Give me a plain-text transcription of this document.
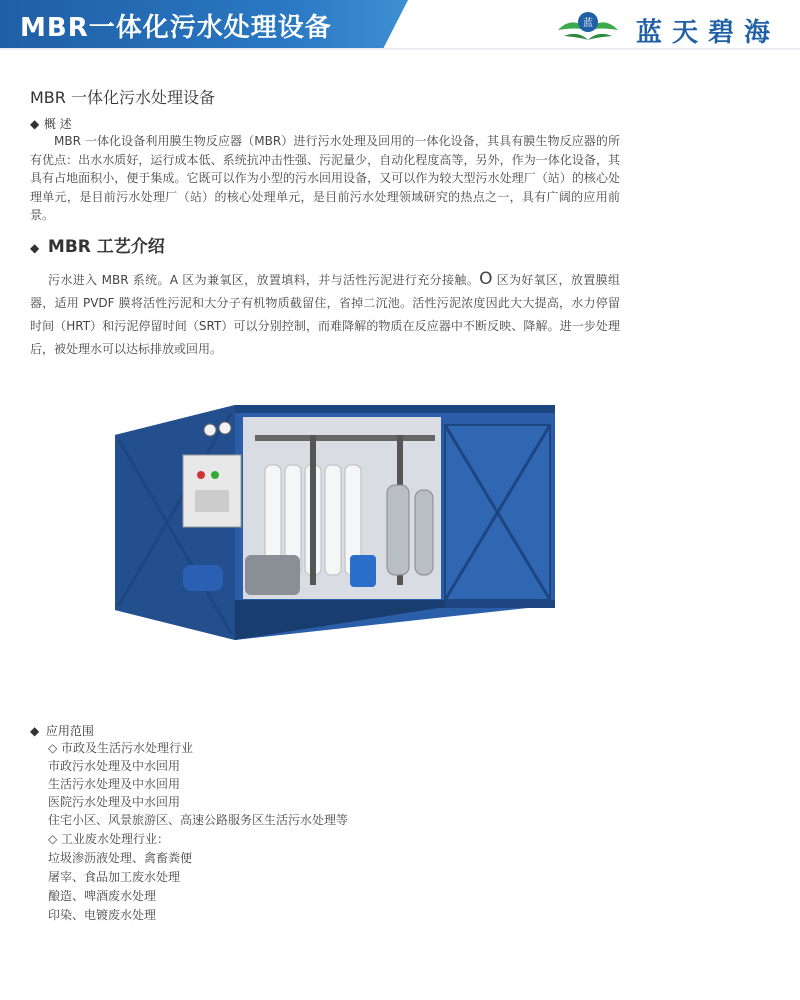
MBR一体化污水处理设备	蓝 蓝天碧海
MBR 一体化污水处理设备
◆ 概 述
MBR 一体化设备利用膜生物反应器（MBR）进行污水处理及回用的一体化设备，其具有膜生物反应器的所有优点：出水水质好，运行成本低、系统抗冲击性强、污泥量少，自动化程度高等，另外，作为一体化设备，其具有占地面积小，便于集成。它既可以作为小型的污水回用设备，又可以作为较大型污水处理厂（站）的核心处理单元，是目前污水处理厂（站）的核心处理单元，是目前污水处理领域研究的热点之一，具有广阔的应用前景。
◆ MBR 工艺介绍
污水进入 MBR 系统。A 区为兼氧区，放置填料，并与活性污泥进行充分接触。O 区为好氧区，放置膜组器，适用 PVDF 膜将活性污泥和大分子有机物质截留住，省掉二沉池。活性污泥浓度因此大大提高，水力停留时间（HRT）和污泥停留时间（SRT）可以分别控制，而难降解的物质在反应器中不断反映、降解。进一步处理后，被处理水可以达标排放或回用。
◆ 应用范围
◇ 市政及生活污水处理行业
市政污水处理及中水回用
生活污水处理及中水回用
医院污水处理及中水回用
住宅小区、风景旅游区、高速公路服务区生活污水处理等
◇ 工业废水处理行业：
垃圾渗沥液处理、禽畜粪便
屠宰、食品加工废水处理
酿造、啤酒废水处理
印染、电镀废水处理
